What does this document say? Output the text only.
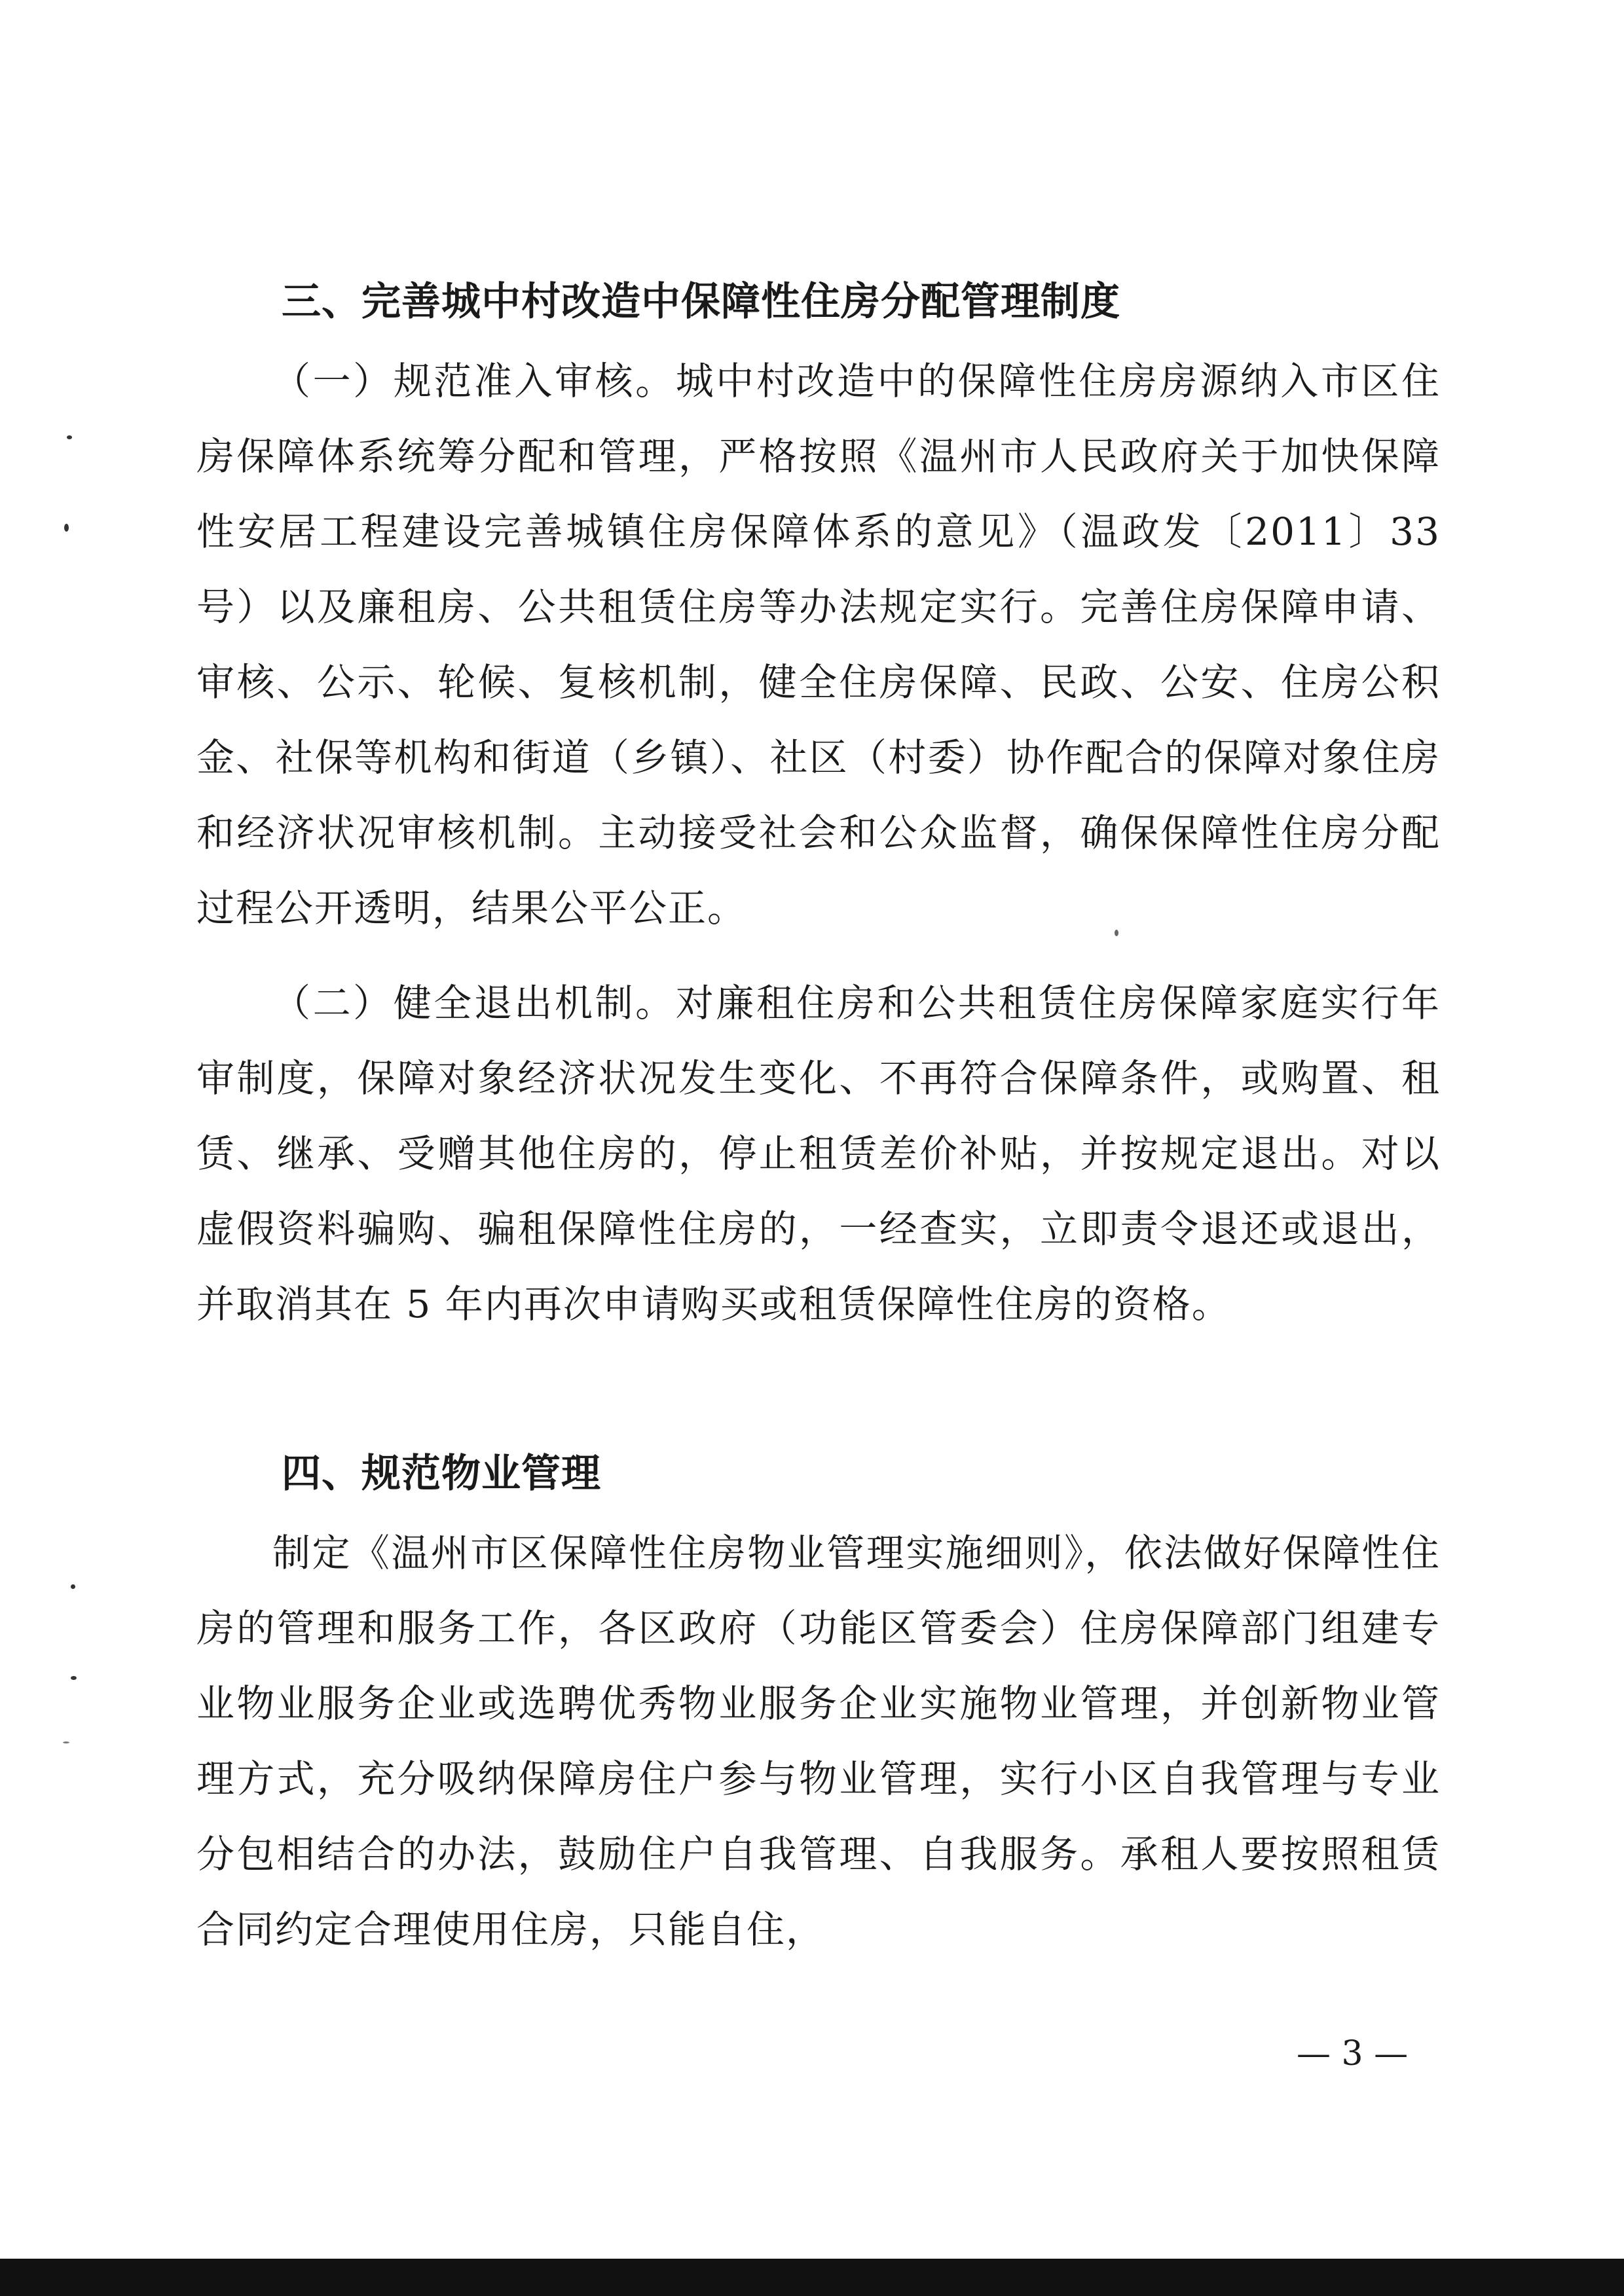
三、完善城中村改造中保障性住房分配管理制度
（一）规范准入审核。城中村改造中的保障性住房房源纳入市区住房保障体系统筹分配和管理，严格按照《温州市人民政府关于加快保障性安居工程建设完善城镇住房保障体系的意见》（温政发〔2011〕33 号）以及廉租房、公共租赁住房等办法规定实行。完善住房保障申请、审核、公示、轮候、复核机制，健全住房保障、民政、公安、住房公积金、社保等机构和街道（乡镇）、社区（村委）协作配合的保障对象住房和经济状况审核机制。主动接受社会和公众监督，确保保障性住房分配过程公开透明，结果公平公正。
（二）健全退出机制。对廉租住房和公共租赁住房保障家庭实行年审制度，保障对象经济状况发生变化、不再符合保障条件，或购置、租赁、继承、受赠其他住房的，停止租赁差价补贴，并按规定退出。对以虚假资料骗购、骗租保障性住房的，一经查实，立即责令退还或退出，并取消其在 5 年内再次申请购买或租赁保障性住房的资格。
四、规范物业管理
制定《温州市区保障性住房物业管理实施细则》，依法做好保障性住房的管理和服务工作，各区政府（功能区管委会）住房保障部门组建专业物业服务企业或选聘优秀物业服务企业实施物业管理，并创新物业管理方式，充分吸纳保障房住户参与物业管理，实行小区自我管理与专业分包相结合的办法，鼓励住户自我管理、自我服务。承租人要按照租赁合同约定合理使用住房，只能自住，
— 3 —
